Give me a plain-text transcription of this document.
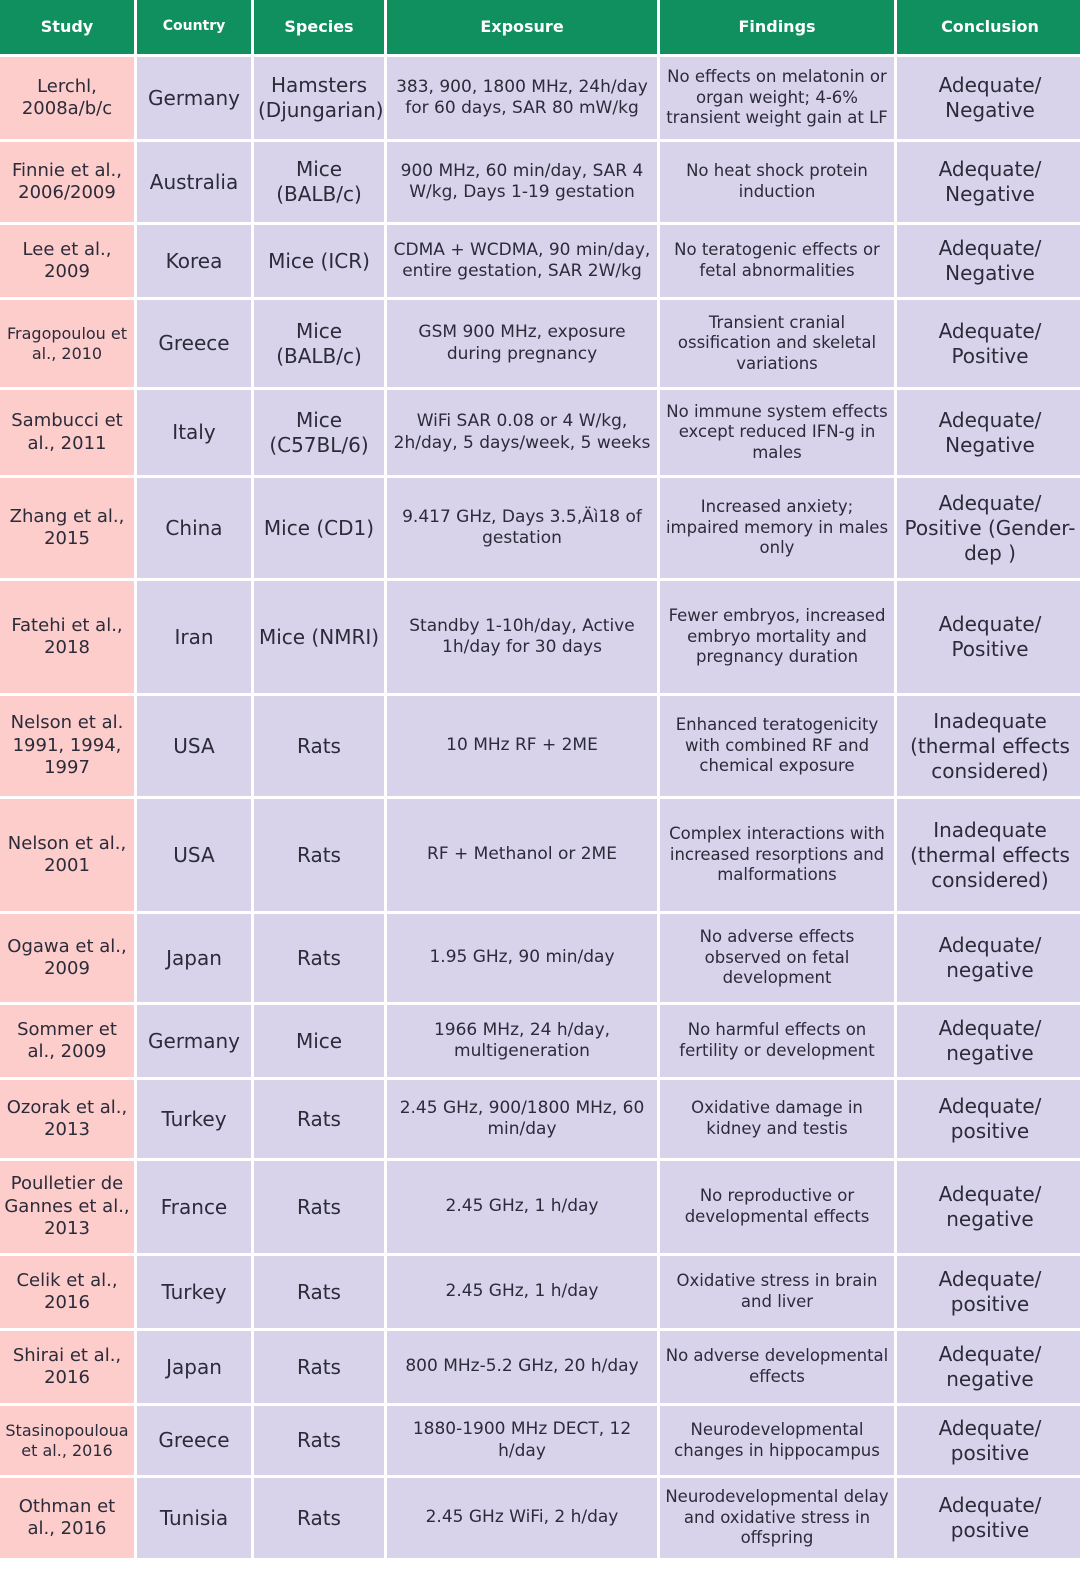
Study	Country	Species	Exposure	Findings	Conclusion
Lerchl, 2008a/b/c	Germany	Hamsters (Djungarian)	383, 900, 1800 MHz, 24h/day for 60 days, SAR 80 mW/kg	No effects on melatonin or organ weight; 4-6% transient weight gain at LF	Adequate/ Negative
Finnie et al., 2006/2009	Australia	Mice (BALB/c)	900 MHz, 60 min/day, SAR 4 W/kg, Days 1-19 gestation	No heat shock protein induction	Adequate/ Negative
Lee et al., 2009	Korea	Mice (ICR)	CDMA + WCDMA, 90 min/day, entire gestation, SAR 2W/kg	No teratogenic effects or fetal abnormalities	Adequate/ Negative
Fragopoulou et al., 2010	Greece	Mice (BALB/c)	GSM 900 MHz, exposure during pregnancy	Transient cranial ossification and skeletal variations	Adequate/ Positive
Sambucci et al., 2011	Italy	Mice (C57BL/6)	WiFi SAR 0.08 or 4 W/kg, 2h/day, 5 days/week, 5 weeks	No immune system effects except reduced IFN-g in males	Adequate/ Negative
Zhang et al., 2015	China	Mice (CD1)	9.417 GHz, Days 3.5‚Äì18 of gestation	Increased anxiety; impaired memory in males only	Adequate/ Positive (Gender-dep )
Fatehi et al., 2018	Iran	Mice (NMRI)	Standby 1-10h/day, Active 1h/day for 30 days	Fewer embryos, increased embryo mortality and pregnancy duration	Adequate/ Positive
Nelson et al. 1991, 1994, 1997	USA	Rats	10 MHz RF + 2ME	Enhanced teratogenicity with combined RF and chemical exposure	Inadequate (thermal effects considered)
Nelson et al., 2001	USA	Rats	RF + Methanol or 2ME	Complex interactions with increased resorptions and malformations	Inadequate (thermal effects considered)
Ogawa et al., 2009	Japan	Rats	1.95 GHz, 90 min/day	No adverse effects observed on fetal development	Adequate/ negative
Sommer et al., 2009	Germany	Mice	1966 MHz, 24 h/day, multigeneration	No harmful effects on fertility or development	Adequate/ negative
Ozorak et al., 2013	Turkey	Rats	2.45 GHz, 900/1800 MHz, 60 min/day	Oxidative damage in kidney and testis	Adequate/ positive
Poulletier de Gannes et al., 2013	France	Rats	2.45 GHz, 1 h/day	No reproductive or developmental effects	Adequate/ negative
Celik et al., 2016	Turkey	Rats	2.45 GHz, 1 h/day	Oxidative stress in brain and liver	Adequate/ positive
Shirai et al., 2016	Japan	Rats	800 MHz-5.2 GHz, 20 h/day	No adverse developmental effects	Adequate/ negative
Stasinopouloua et al., 2016	Greece	Rats	1880-1900 MHz DECT, 12 h/day	Neurodevelopmental changes in hippocampus	Adequate/ positive
Othman et al., 2016	Tunisia	Rats	2.45 GHz WiFi, 2 h/day	Neurodevelopmental delay and oxidative stress in offspring	Adequate/ positive
